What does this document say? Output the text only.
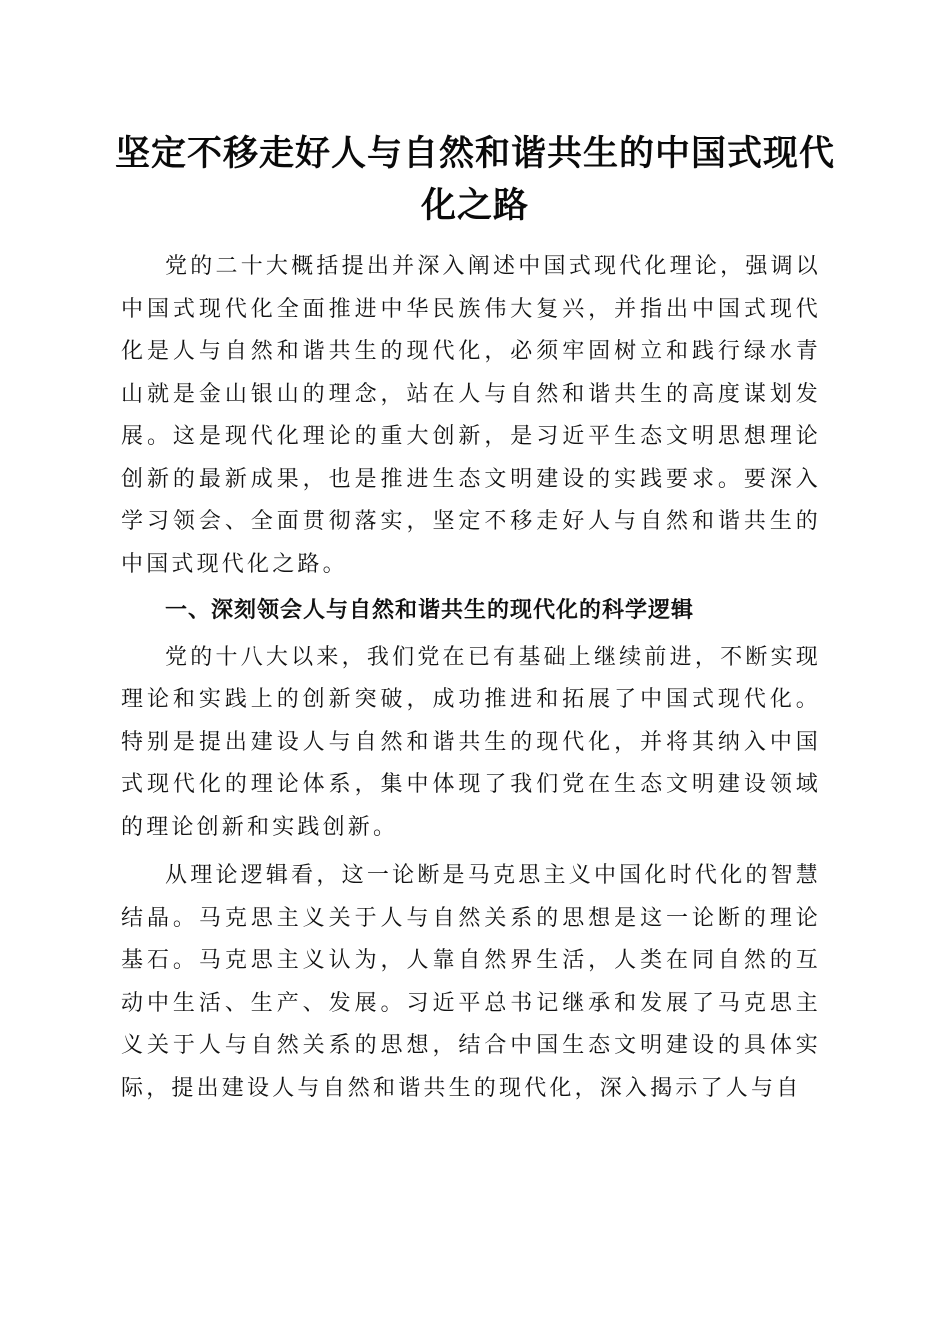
坚定不移走好人与自然和谐共生的中国式现代化之路

党的二十大概括提出并深入阐述中国式现代化理论，强调以中国式现代化全面推进中华民族伟大复兴，并指出中国式现代化是人与自然和谐共生的现代化，必须牢固树立和践行绿水青山就是金山银山的理念，站在人与自然和谐共生的高度谋划发展。这是现代化理论的重大创新，是习近平生态文明思想理论创新的最新成果，也是推进生态文明建设的实践要求。要深入学习领会、全面贯彻落实，坚定不移走好人与自然和谐共生的中国式现代化之路。

一、深刻领会人与自然和谐共生的现代化的科学逻辑

党的十八大以来，我们党在已有基础上继续前进，不断实现理论和实践上的创新突破，成功推进和拓展了中国式现代化。特别是提出建设人与自然和谐共生的现代化，并将其纳入中国式现代化的理论体系，集中体现了我们党在生态文明建设领域的理论创新和实践创新。

从理论逻辑看，这一论断是马克思主义中国化时代化的智慧结晶。马克思主义关于人与自然关系的思想是这一论断的理论基石。马克思主义认为，人靠自然界生活，人类在同自然的互动中生活、生产、发展。习近平总书记继承和发展了马克思主义关于人与自然关系的思想，结合中国生态文明建设的具体实际，提出建设人与自然和谐共生的现代化，深入揭示了人与自
